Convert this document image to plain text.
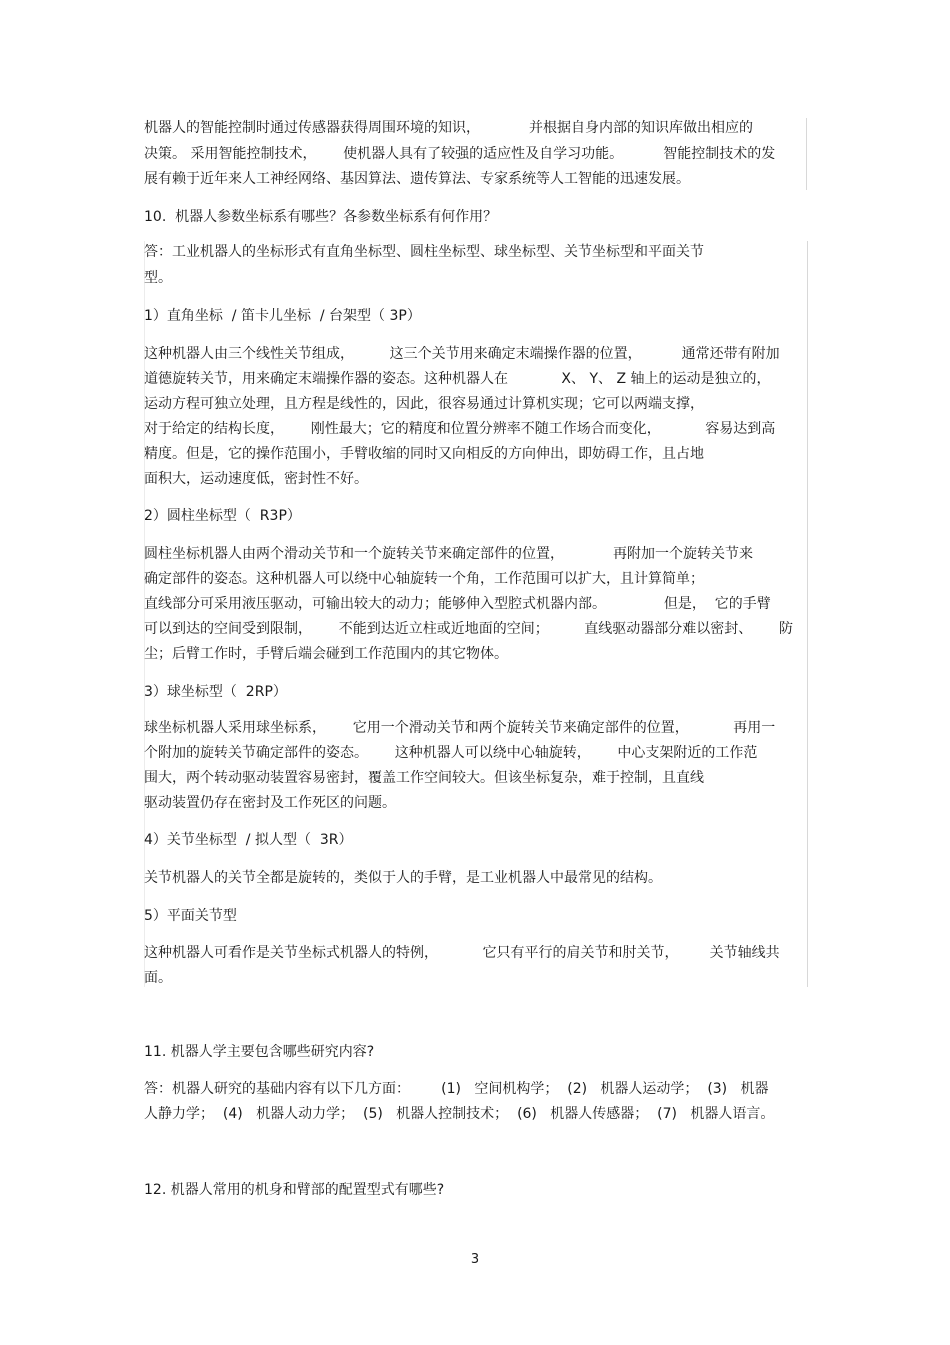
机器人的智能控制时通过传感器获得周围环境的知识，           并根据自身内部的知识库做出相应的
决策。 采用智能控制技术，      使机器人具有了较强的适应性及自学习功能。         智能控制技术的发
展有赖于近年来人工神经网络、基因算法、遗传算法、专家系统等人工智能的迅速发展。
10.  机器人参数坐标系有哪些？各参数坐标系有何作用？
答：工业机器人的坐标形式有直角坐标型、圆柱坐标型、球坐标型、关节坐标型和平面关节
型。
1）直角坐标  / 笛卡儿坐标  / 台架型（ 3P）
这种机器人由三个线性关节组成，        这三个关节用来确定末端操作器的位置，         通常还带有附加
道德旋转关节，用来确定末端操作器的姿态。这种机器人在            X、 Y、 Z 轴上的运动是独立的，
运动方程可独立处理，且方程是线性的，因此，很容易通过计算机实现；它可以两端支撑，
对于给定的结构长度，      刚性最大；它的精度和位置分辨率不随工作场合而变化，          容易达到高
精度。但是，它的操作范围小，手臂收缩的同时又向相反的方向伸出，即妨碍工作，且占地
面积大，运动速度低，密封性不好。
2）圆柱坐标型（  R3P）
圆柱坐标机器人由两个滑动关节和一个旋转关节来确定部件的位置，           再附加一个旋转关节来
确定部件的姿态。这种机器人可以绕中心轴旋转一个角，工作范围可以扩大，且计算简单；
直线部分可采用液压驱动，可输出较大的动力；能够伸入型腔式机器内部。             但是，  它的手臂
可以到达的空间受到限制，      不能到达近立柱或近地面的空间；        直线驱动器部分难以密封、      防
尘；后臂工作时，手臂后端会碰到工作范围内的其它物体。
3）球坐标型（  2RP）
球坐标机器人采用球坐标系，      它用一个滑动关节和两个旋转关节来确定部件的位置，          再用一
个附加的旋转关节确定部件的姿态。      这种机器人可以绕中心轴旋转，      中心支架附近的工作范
围大，两个转动驱动装置容易密封，覆盖工作空间较大。但该坐标复杂，难于控制，且直线
驱动装置仍存在密封及工作死区的问题。
4）关节坐标型  / 拟人型（  3R）
关节机器人的关节全都是旋转的，类似于人的手臂，是工业机器人中最常见的结构。
5）平面关节型
这种机器人可看作是关节坐标式机器人的特例，          它只有平行的肩关节和肘关节，       关节轴线共
面。
11. 机器人学主要包含哪些研究内容?
答：机器人研究的基础内容有以下几方面：       (1)   空间机构学；  (2)   机器人运动学；  (3)   机器
人静力学；  (4)   机器人动力学；  (5)   机器人控制技术；  (6)   机器人传感器；  (7)   机器人语言。
12. 机器人常用的机身和臂部的配置型式有哪些?
3
